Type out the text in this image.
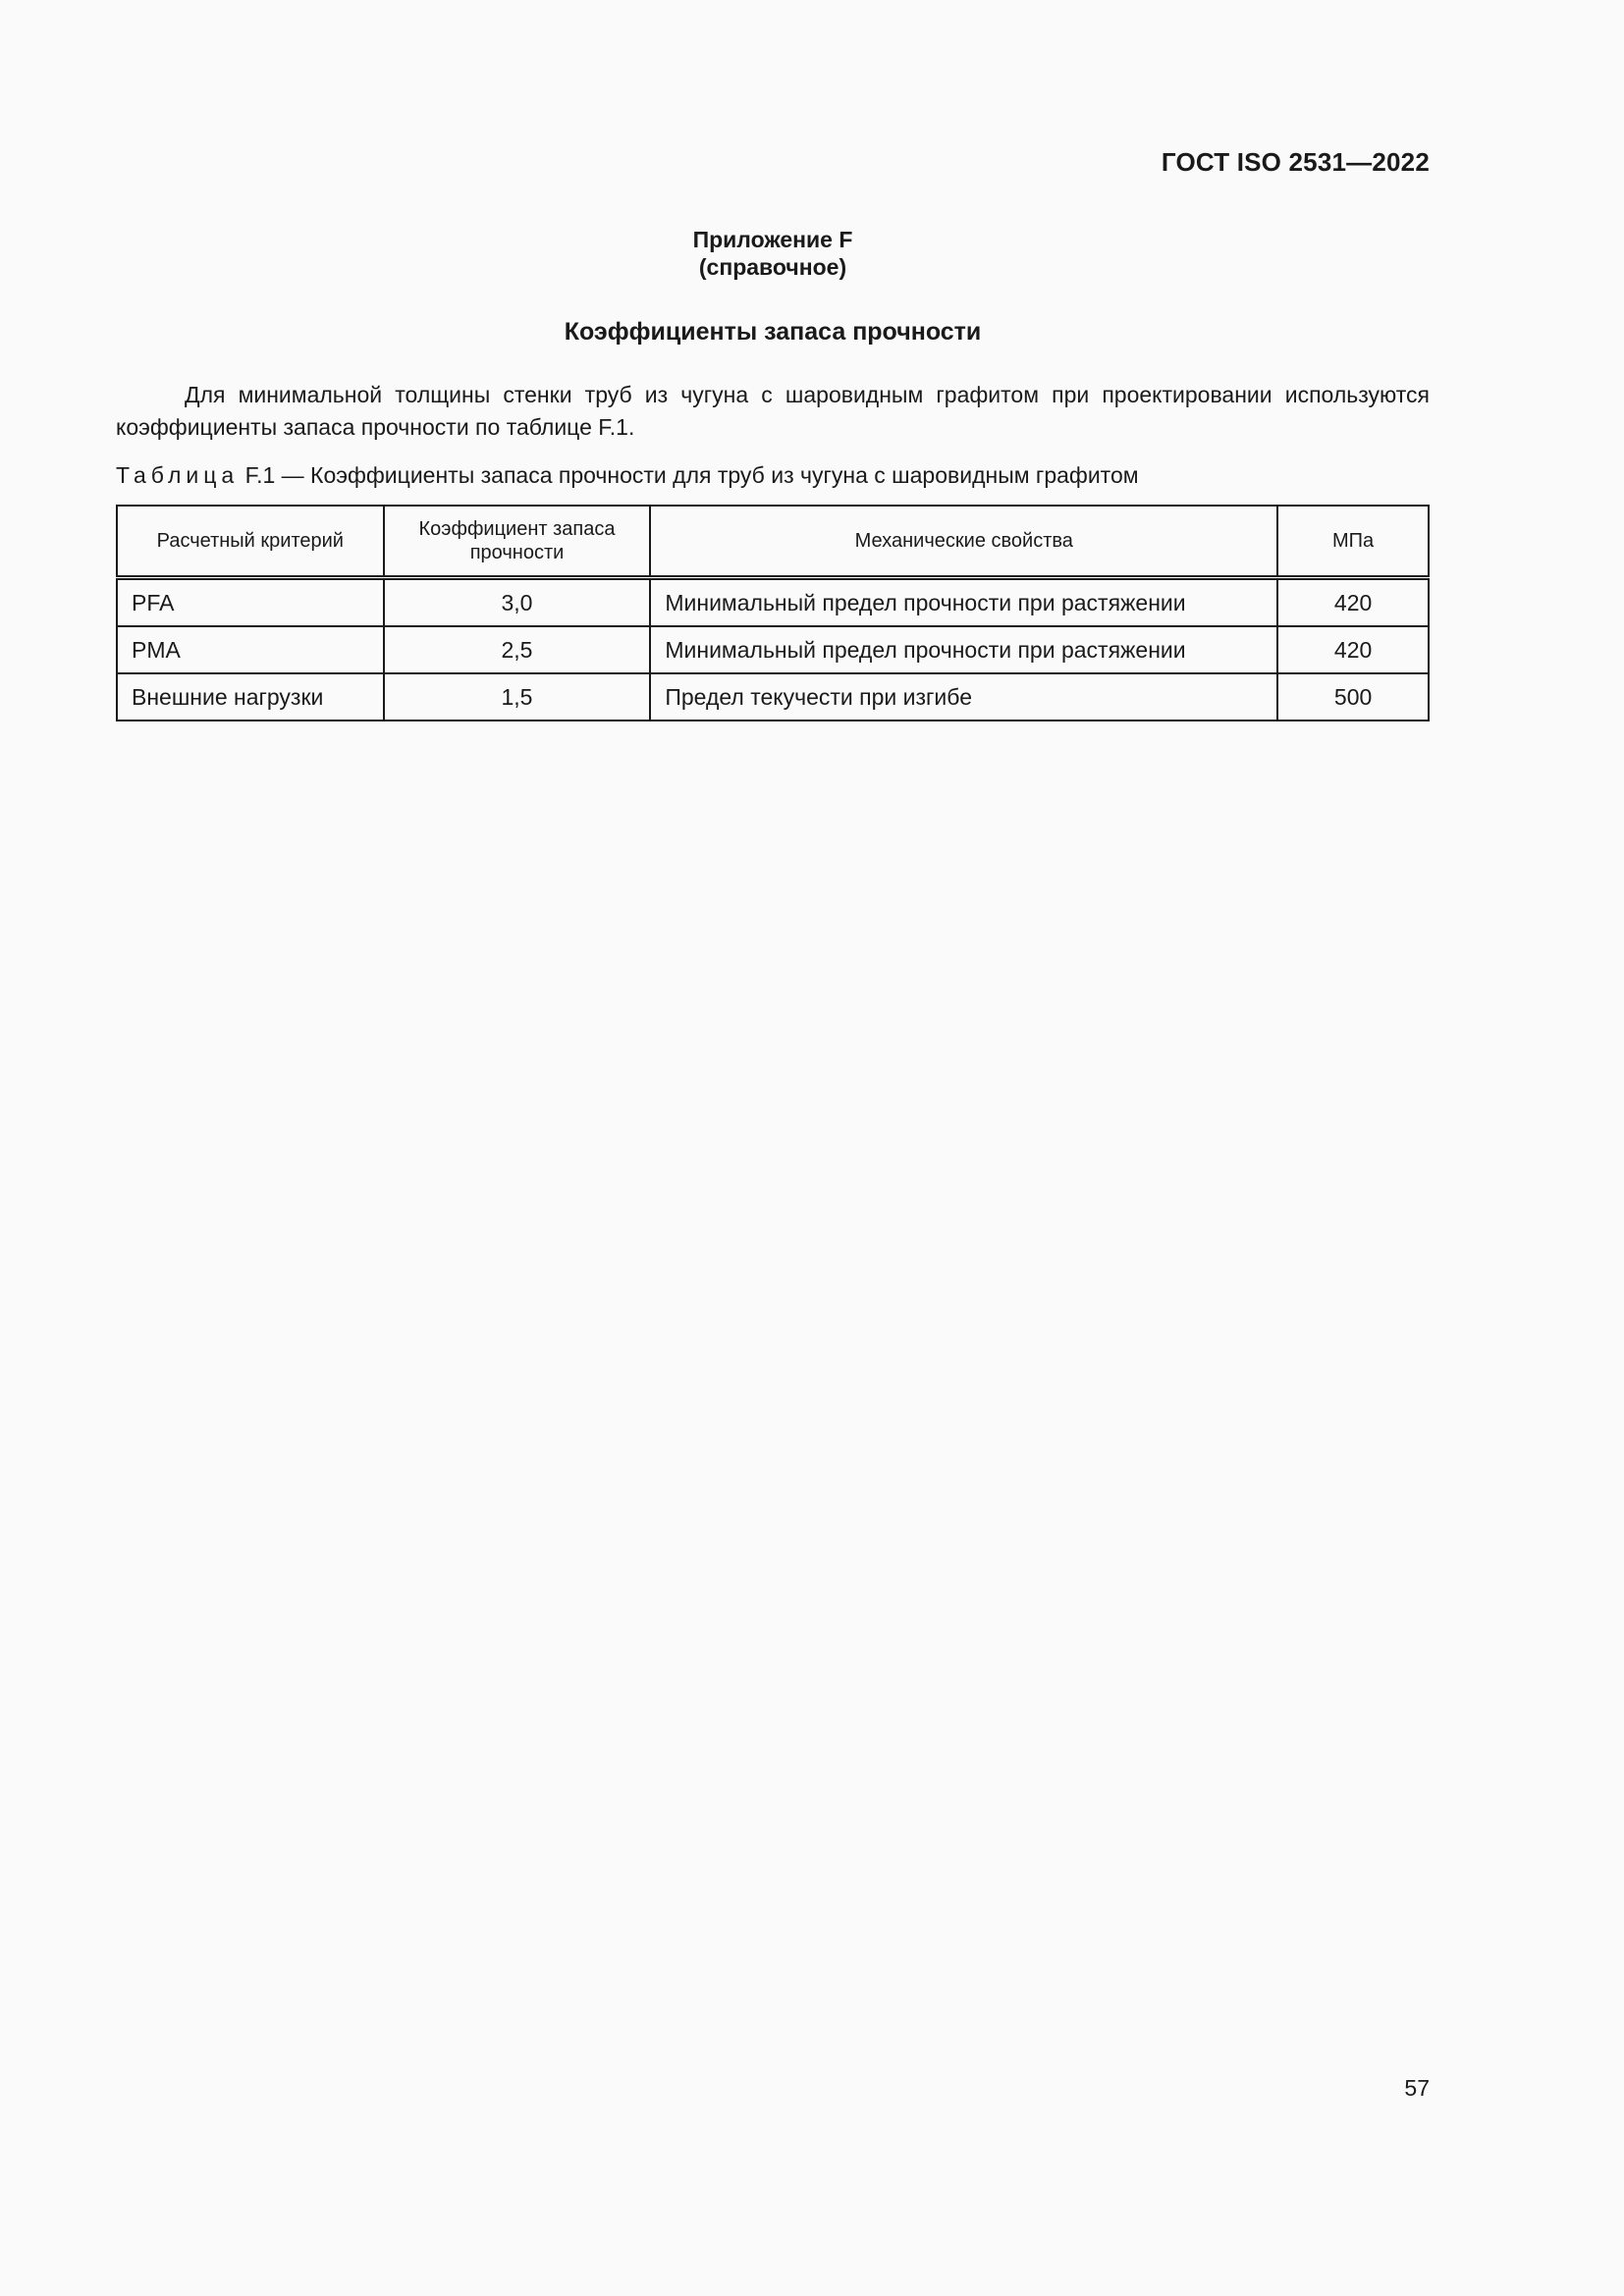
ГОСТ ISO 2531—2022
Приложение F
(справочное)
Коэффициенты запаса прочности
Для минимальной толщины стенки труб из чугуна с шаровидным графитом при проектировании используются коэффициенты запаса прочности по таблице F.1.
Таблица F.1 — Коэффициенты запаса прочности для труб из чугуна с шаровидным графитом
Расчетный критерий	Коэффициент запаса прочности	Механические свойства	МПа
PFA	3,0	Минимальный предел прочности при растяжении	420
PMA	2,5	Минимальный предел прочности при растяжении	420
Внешние нагрузки	1,5	Предел текучести при изгибе	500
57
